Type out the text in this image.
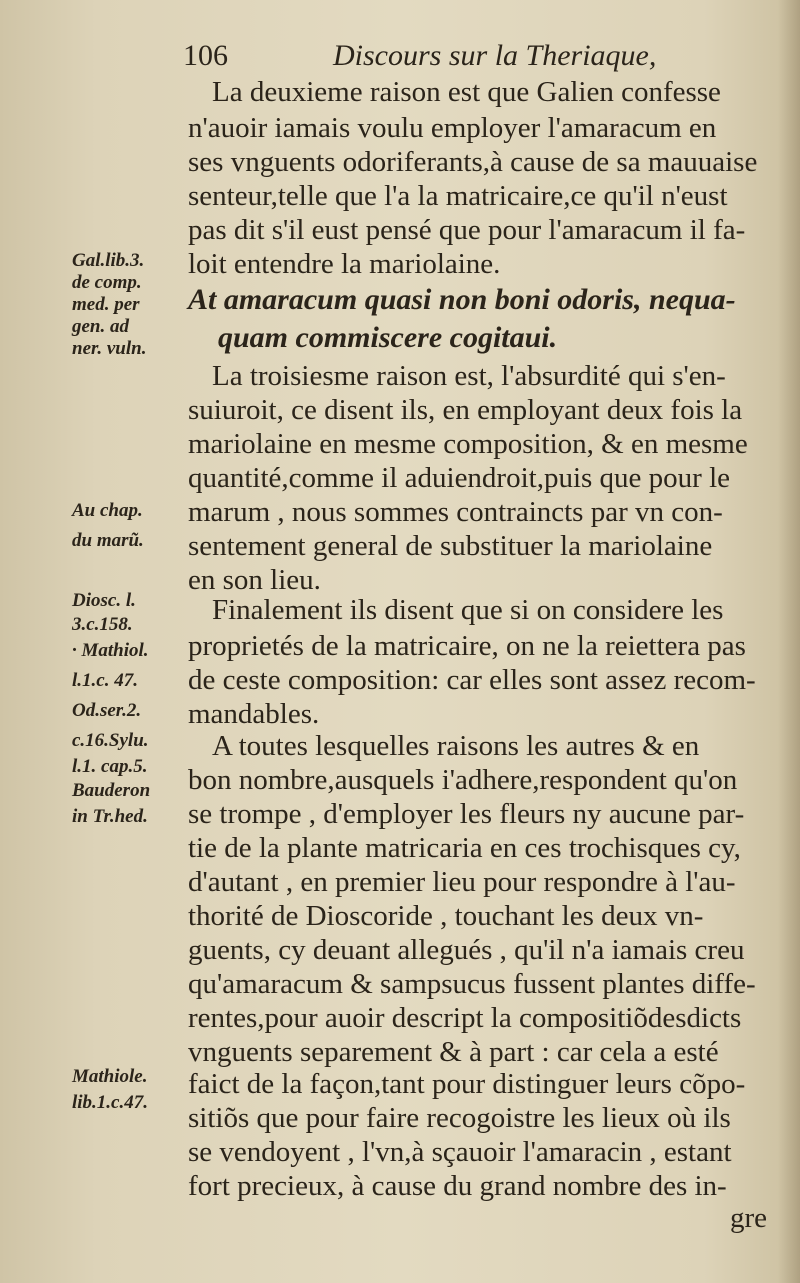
106	Discours sur la Theriaque,
Gal.lib.3.
de comp.
med. per
gen. ad
ner. vuln.
Au chap.
du marũ.
Diosc. l.
3.c.158.
· Mathiol.
l.1.c. 47.
Od.ser.2.
c.16.Sylu.
l.1. cap.5.
Bauderon
in Tr.hed.
Mathiole.
lib.1.c.47.
La deuxieme raison est que Galien confesse
n'auoir iamais voulu employer l'amaracum en
ses vnguents odoriferants,à cause de sa mauuaise
senteur,telle que l'a la matricaire,ce qu'il n'eust
pas dit s'il eust pensé que pour l'amaracum il fa-
loit entendre la mariolaine.
At amaracum quasi non boni odoris, nequa-
quam commiscere cogitaui.
La troisiesme raison est, l'absurdité qui s'en-
suiuroit, ce disent ils, en employant deux fois la
mariolaine en mesme composition, & en mesme
quantité,comme il aduiendroit,puis que pour le
marum , nous sommes contraincts par vn con-
sentement general de substituer la mariolaine
en son lieu.
Finalement ils disent que si on considere les
proprietés de la matricaire, on ne la reiettera pas
de ceste composition: car elles sont assez recom-
mandables.
A toutes lesquelles raisons les autres & en
bon nombre,ausquels i'adhere,respondent qu'on
se trompe , d'employer les fleurs ny aucune par-
tie de la plante matricaria en ces trochisques cy,
d'autant , en premier lieu pour respondre à l'au-
thorité de Dioscoride , touchant les deux vn-
guents, cy deuant allegués , qu'il n'a iamais creu
qu'amaracum & sampsucus fussent plantes diffe-
rentes,pour auoir descript la compositiõdesdicts
vnguents separement & à part : car cela a esté
faict de la façon,tant pour distinguer leurs cõpo-
sitiõs que pour faire recogoistre les lieux où ils
se vendoyent , l'vn,à sçauoir l'amaracin , estant
fort precieux, à cause du grand nombre des in-
gre
